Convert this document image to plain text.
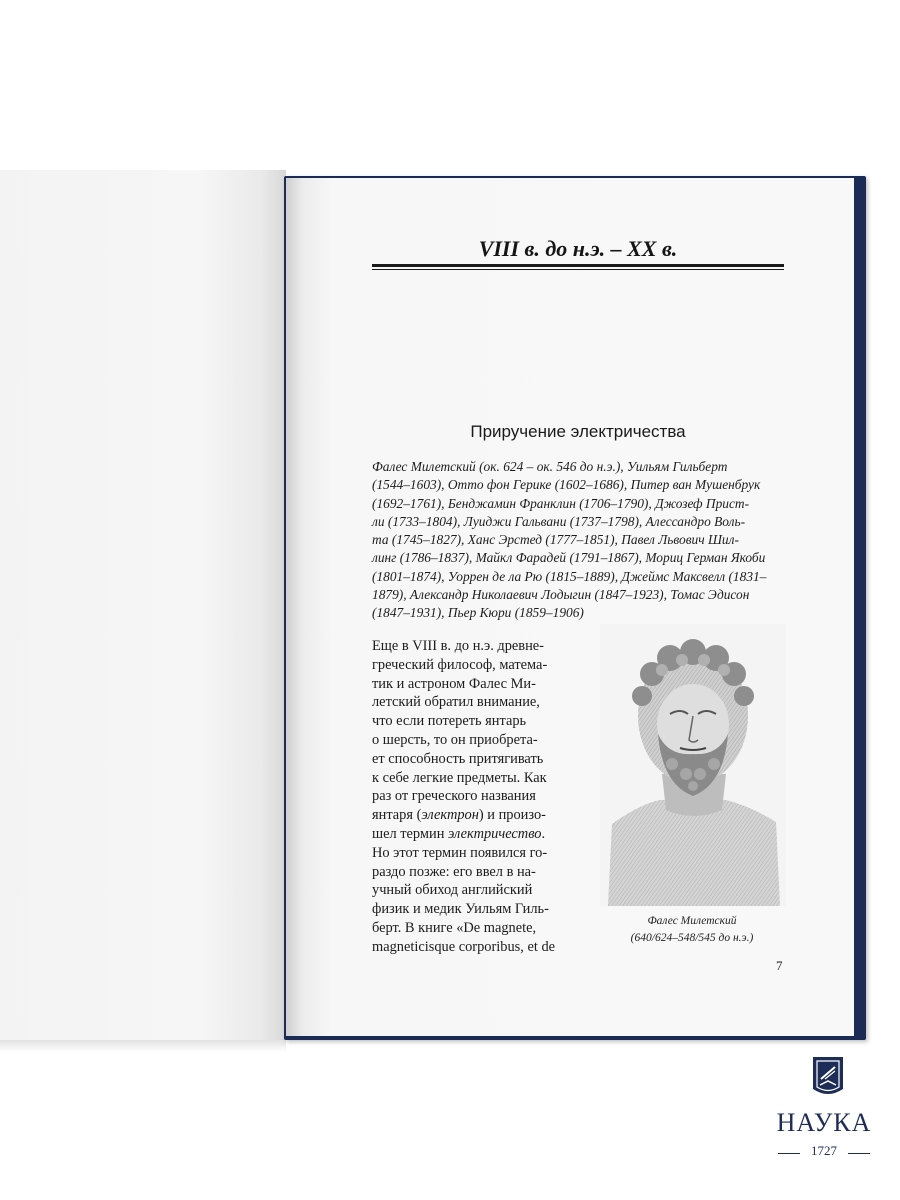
VIII в. до н.э. – XX в.
Приручение электричества
Фалес Милетский (ок. 624 – ок. 546 до н.э.), Уильям Гильберт
(1544–1603), Отто фон Герике (1602–1686), Питер ван Мушенбрук
(1692–1761), Бенджамин Франклин (1706–1790), Джозеф Прист-
ли (1733–1804), Луиджи Гальвани (1737–1798), Алессандро Воль-
та (1745–1827), Ханс Эрстед (1777–1851), Павел Львович Шил-
линг (1786–1837), Майкл Фарадей (1791–1867), Мориц Герман Якоби
(1801–1874), Уоррен де ла Рю (1815–1889), Джеймс Максвелл (1831–
1879), Александр Николаевич Лодыгин (1847–1923), Томас Эдисон
(1847–1931), Пьер Кюри (1859–1906)
Еще в VIII в. до н.э. древне-
греческий философ, матема-
тик и астроном Фалес Ми-
летский обратил внимание,
что если потереть янтарь
о шерсть, то он приобрета-
ет способность притягивать
к себе легкие предметы. Как
раз от греческого названия
янтаря (электрон) и произо-
шел термин электричество.
Но этот термин появился го-
раздо позже: его ввел в на-
учный обиход английский
физик и медик Уильям Гиль-
берт. В книге «De magnete,
magneticisque corporibus, et de
Фалес Милетский
(640/624–548/545 до н.э.)
7
НАУКА
1727
